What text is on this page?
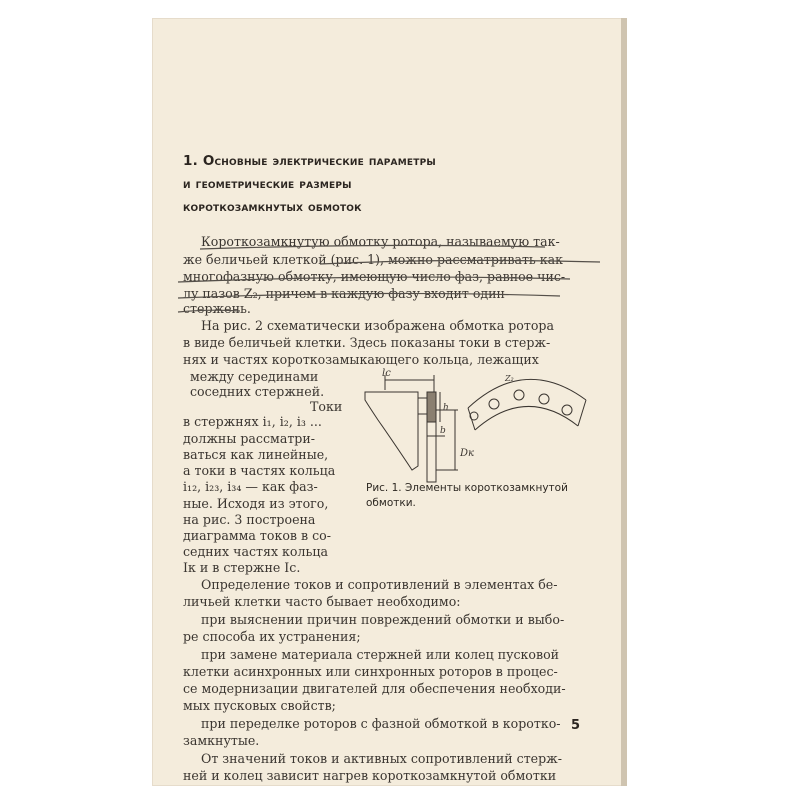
1. Основные электрические параметры
и геометрические размеры
короткозамкнутых обмоток
Короткозамкнутую обмотку ротора, называемую так-
же беличьей клеткой (рис. 1), можно рассматривать как
многофазную обмотку, имеющую число фаз, равное чис-
лу пазов Z₂, причем в каждую фазу входит один
стержень.
На рис. 2 схематически изображена обмотка ротора
в виде беличьей клетки. Здесь показаны токи в стерж-
нях и частях короткозамыкающего кольца, лежащих
между серединами
соседних стержней.
Токи
в стержнях i₁, i₂, i₃ ...
должны рассматри-
ваться как линейные,
а токи в частях кольца
i₁₂, i₂₃, i₃₄ — как фаз-
ные. Исходя из этого,
на рис. 3 построена
диаграмма токов в со-
седних частях кольца
Iк и в стержне Iс.
Определение токов и сопротивлений в элементах бе-
личьей клетки часто бывает необходимо:
при выяснении причин повреждений обмотки и выбо-
ре способа их устранения;
при замене материала стержней или колец пусковой
клетки асинхронных или синхронных роторов в процес-
се модернизации двигателей для обеспечения необходи-
мых пусковых свойств;
при переделке роторов с фазной обмоткой в коротко-
замкнутые.
От значений токов и активных сопротивлений стерж-
ней и колец зависит нагрев короткозамкнутой обмотки
lс
h
b
Dк
Z₂
Рис. 1. Элементы короткозамкнутой
обмотки.
5
